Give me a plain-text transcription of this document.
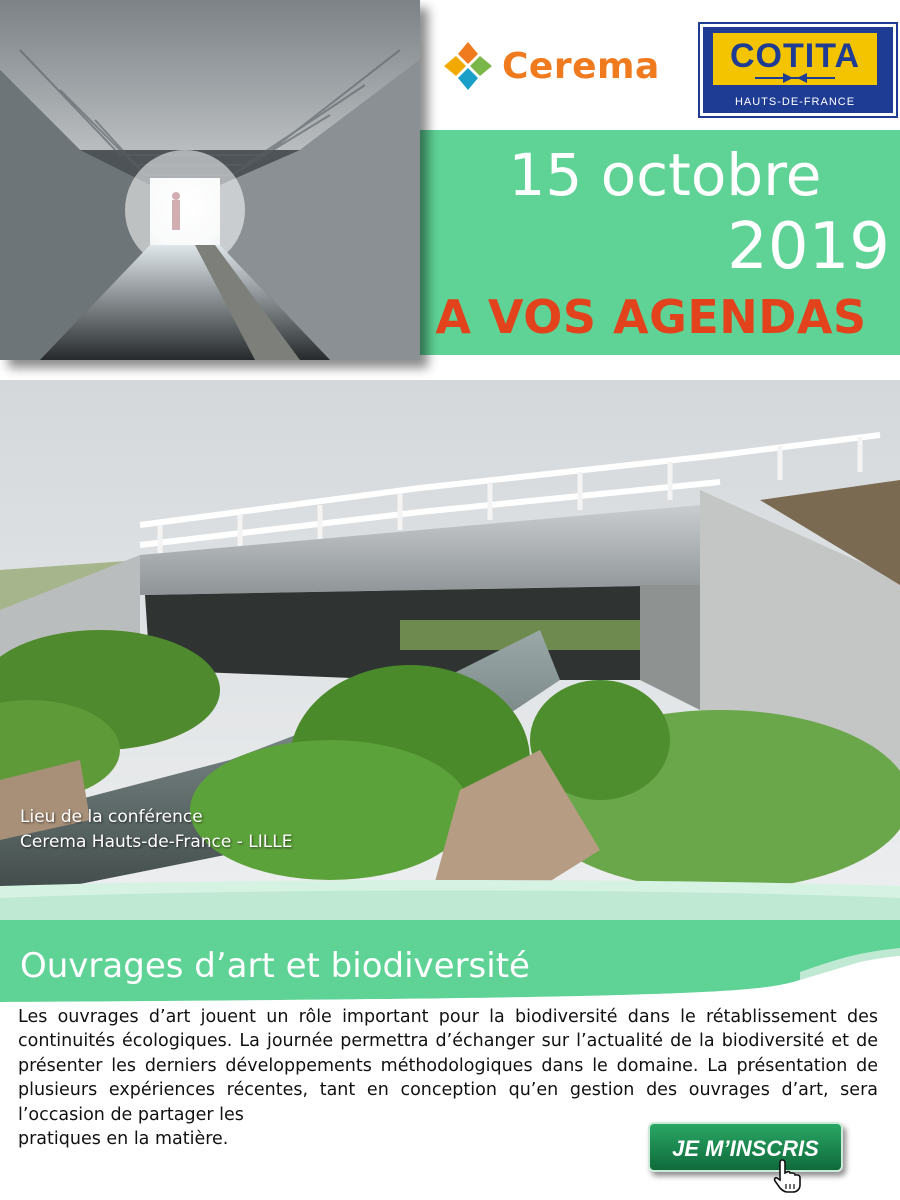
Cerema	COTITA
HAUTS-DE-FRANCE
15 octobre
2019
A VOS AGENDAS
Lieu de la conférence
Cerema Hauts-de-France - LILLE
Ouvrages d’art et biodiversité
Les ouvrages d’art jouent un rôle important pour la biodiversité dans le rétablissement des continuités écologiques. La journée permettra d’échanger sur l’actualité de la biodiversité et de présenter les derniers développements méthodologiques dans le domaine. La présentation de plusieurs expériences récentes, tant en conception qu’en gestion des ouvrages d’art, sera l’occasion de partager les
pratiques en la matière.	JE M’INSCRIS
